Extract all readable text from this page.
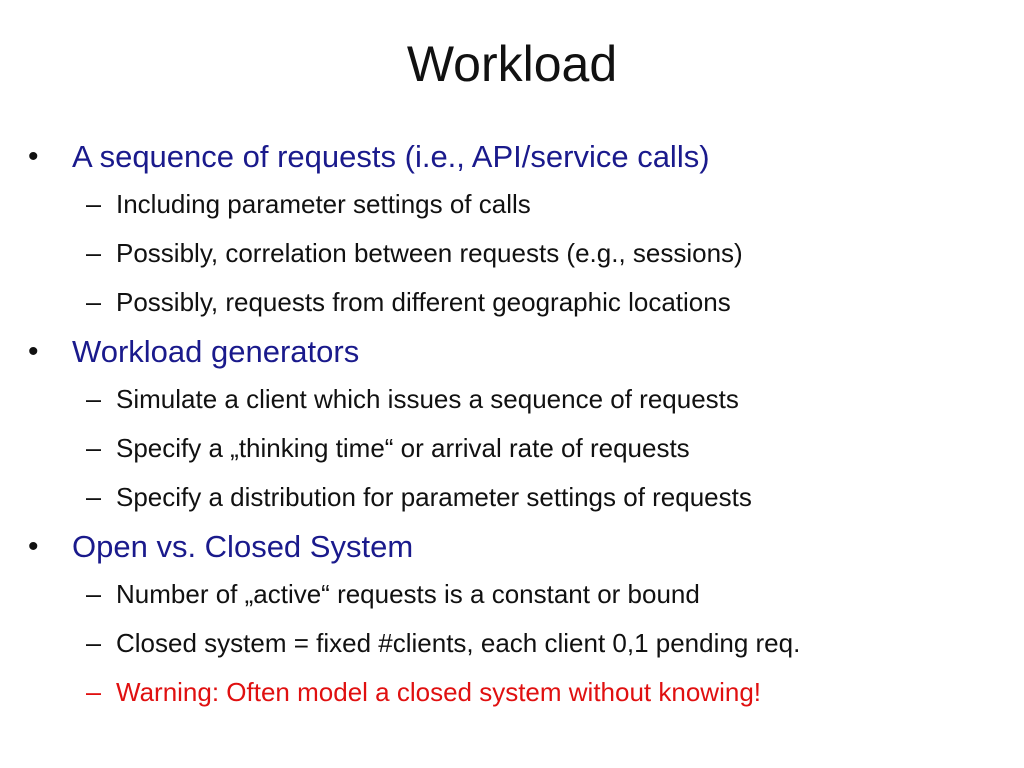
Workload
• A sequence of requests (i.e., API/service calls)
– Including parameter settings of calls
– Possibly, correlation between requests (e.g., sessions)
– Possibly, requests from different geographic locations
• Workload generators
– Simulate a client which issues a sequence of requests
– Specify a „thinking time“ or arrival rate of requests
– Specify a distribution for parameter settings of requests
• Open vs. Closed System
– Number of „active“ requests is a constant or bound
– Closed system = fixed #clients, each client 0,1 pending req.
– Warning: Often model a closed system without knowing!
